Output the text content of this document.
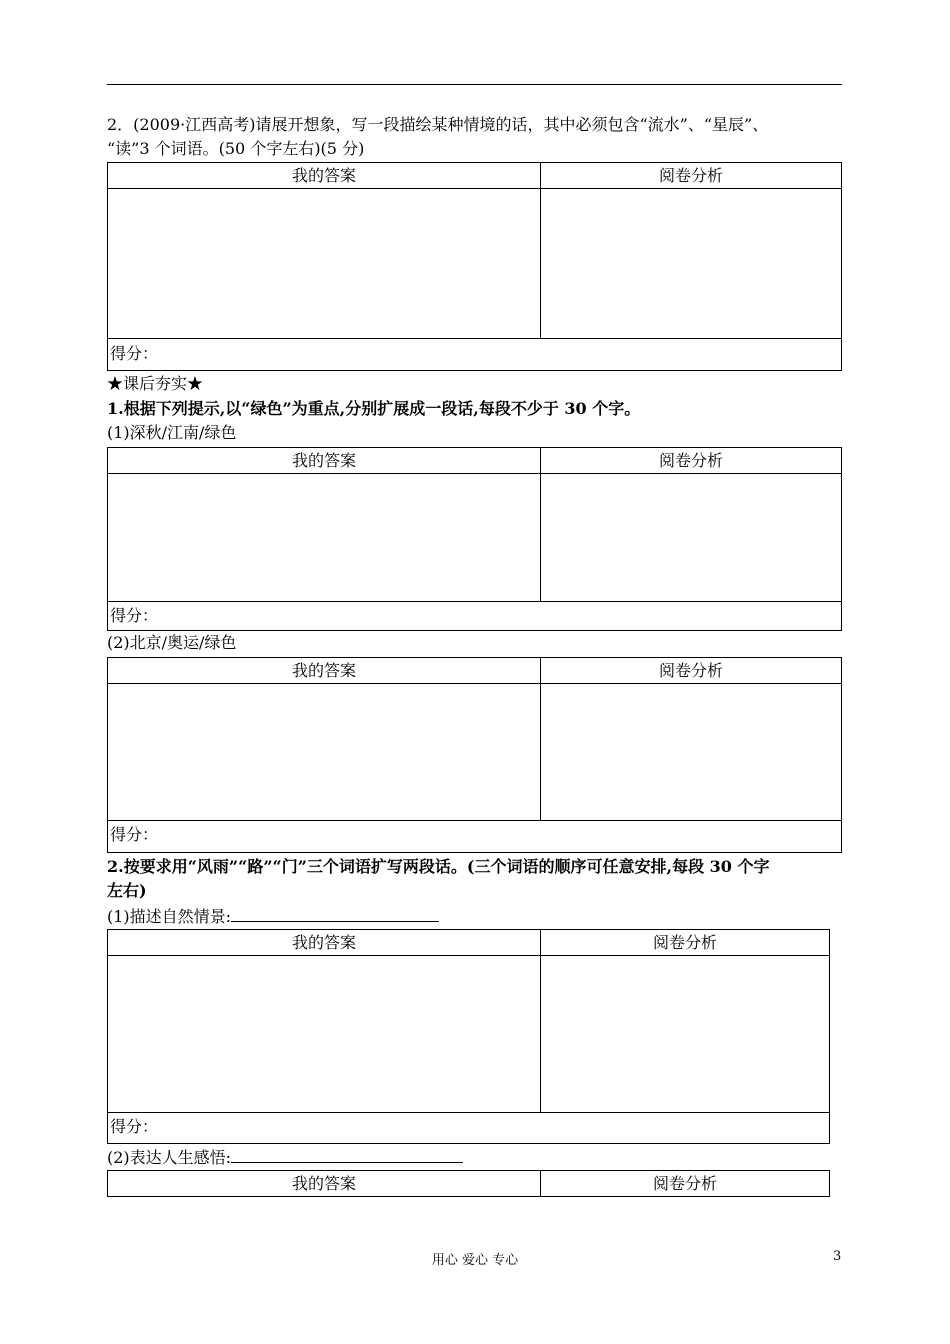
2．(2009·江西高考)请展开想象，写一段描绘某种情境的话，其中必须包含“流水”、“星辰”、
“读”3 个词语。(50 个字左右)(5 分)
我的答案	阅卷分析
得分：
★课后夯实★
1.根据下列提示,以“绿色”为重点,分别扩展成一段话,每段不少于 30 个字。
(1)深秋/江南/绿色
我的答案	阅卷分析
得分：
(2)北京/奥运/绿色
我的答案	阅卷分析
得分：
2.按要求用“风雨”“路”“门”三个词语扩写两段话。(三个词语的顺序可任意安排,每段 30 个字
左右)
(1)描述自然情景:
我的答案	阅卷分析
得分：
(2)表达人生感悟:
我的答案	阅卷分析
用心 爱心 专心	3
